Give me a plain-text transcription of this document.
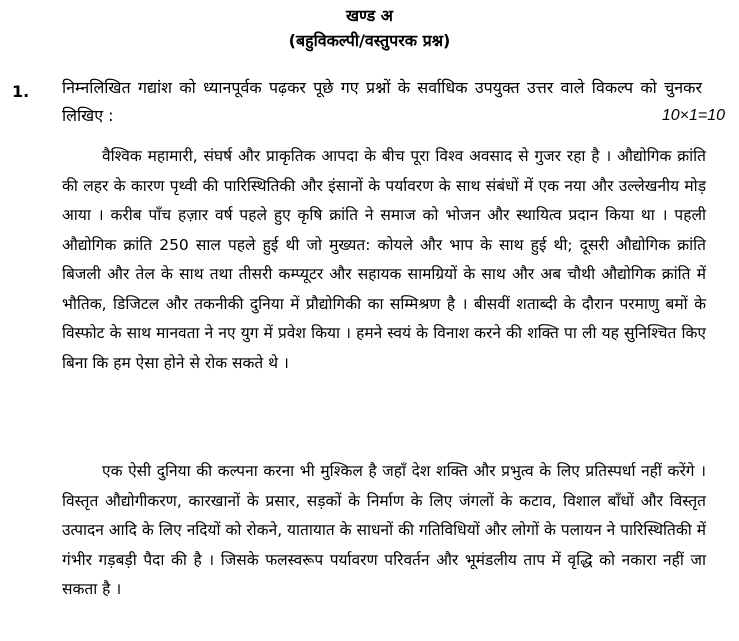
खण्ड अ
(बहुविकल्पी/वस्तुपरक प्रश्न)
1. निम्नलिखित गद्यांश को ध्यानपूर्वक पढ़कर पूछे गए प्रश्नों के सर्वाधिक उपयुक्त उत्तर वाले विकल्प को चुनकर लिखिए :	10×1=10

वैश्विक महामारी, संघर्ष और प्राकृतिक आपदा के बीच पूरा विश्व अवसाद से गुजर रहा है । औद्योगिक क्रांति की लहर के कारण पृथ्वी की पारिस्थितिकी और इंसानों के पर्यावरण के साथ संबंधों में एक नया और उल्लेखनीय मोड़ आया । करीब पाँच हज़ार वर्ष पहले हुए कृषि क्रांति ने समाज को भोजन और स्थायित्व प्रदान किया था । पहली औद्योगिक क्रांति 250 साल पहले हुई थी जो मुख्यत: कोयले और भाप के साथ हुई थी; दूसरी औद्योगिक क्रांति बिजली और तेल के साथ तथा तीसरी कम्प्यूटर और सहायक सामग्रियों के साथ और अब चौथी औद्योगिक क्रांति में भौतिक, डिजिटल और तकनीकी दुनिया में प्रौद्योगिकी का सम्मिश्रण है । बीसवीं शताब्दी के दौरान परमाणु बमों के विस्फोट के साथ मानवता ने नए युग में प्रवेश किया । हमने स्वयं के विनाश करने की शक्ति पा ली यह सुनिश्चित किए बिना कि हम ऐसा होने से रोक सकते थे ।

एक ऐसी दुनिया की कल्पना करना भी मुश्किल है जहाँ देश शक्ति और प्रभुत्व के लिए प्रतिस्पर्धा नहीं करेंगे । विस्तृत औद्योगीकरण, कारखानों के प्रसार, सड़कों के निर्माण के लिए जंगलों के कटाव, विशाल बाँधों और विस्तृत उत्पादन आदि के लिए नदियों को रोकने, यातायात के साधनों की गतिविधियों और लोगों के पलायन ने पारिस्थितिकी में गंभीर गड़बड़ी पैदा की है । जिसके फलस्वरूप पर्यावरण परिवर्तन और भूमंडलीय ताप में वृद्धि को नकारा नहीं जा सकता है ।
